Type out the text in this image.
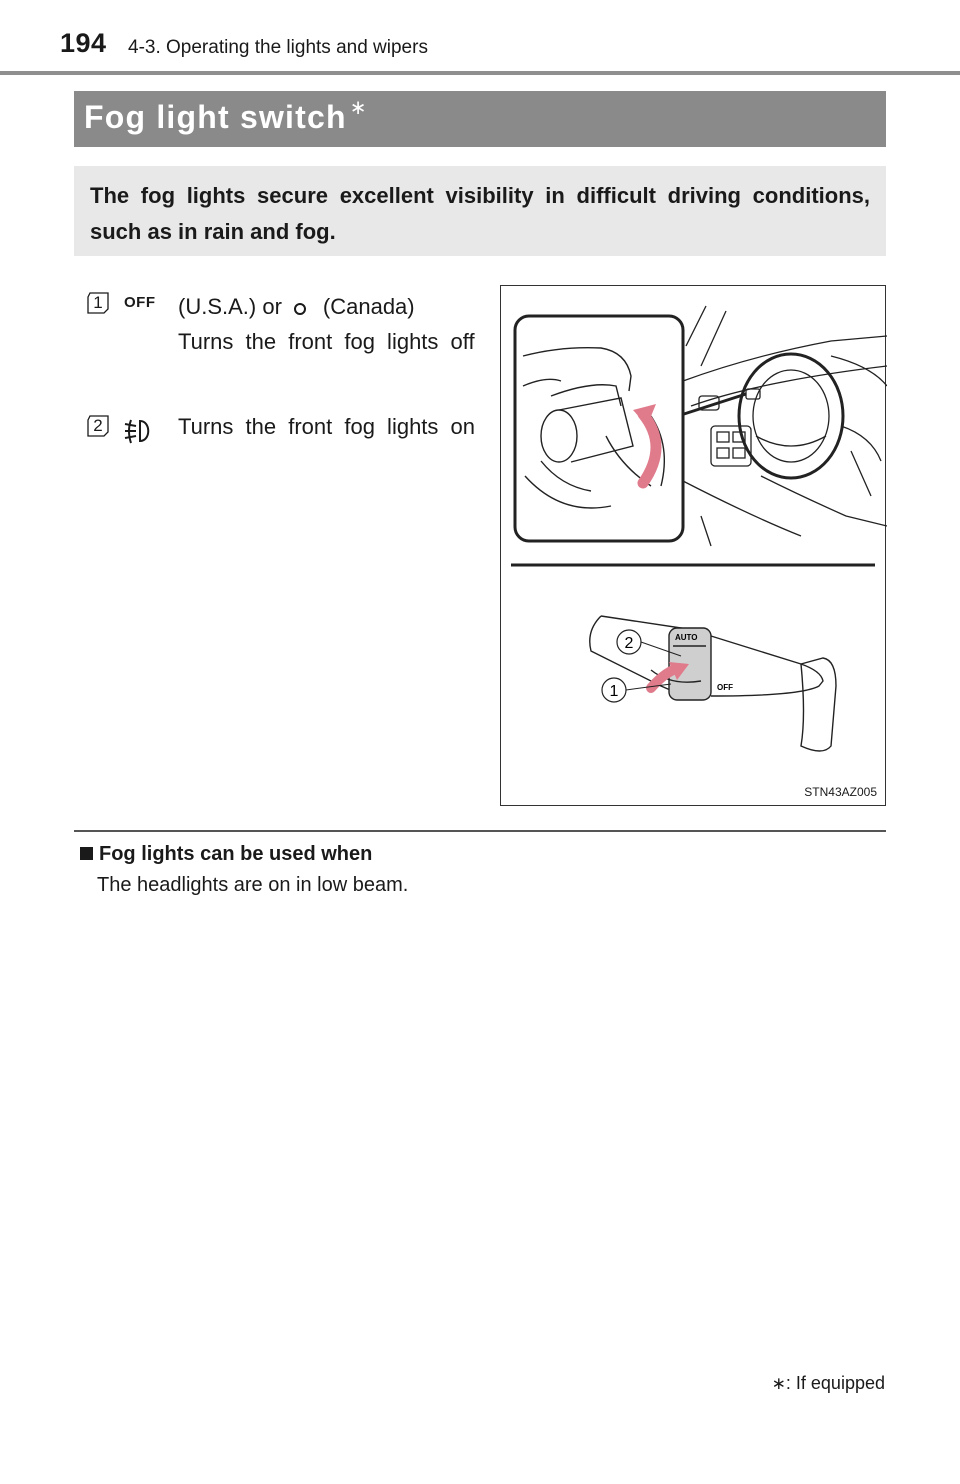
194 4-3. Operating the lights and wipers
Fog light switch ∗
The fog lights secure excellent visibility in difficult driving conditions, such as in rain and fog.
1 OFF (U.S.A.) or (Canada)
Turns the front fog lights off
2	Turns the front fog lights on
2
1
AUTO
OFF
STN43AZ005
Fog lights can be used when
The headlights are on in low beam.
∗: If equipped
